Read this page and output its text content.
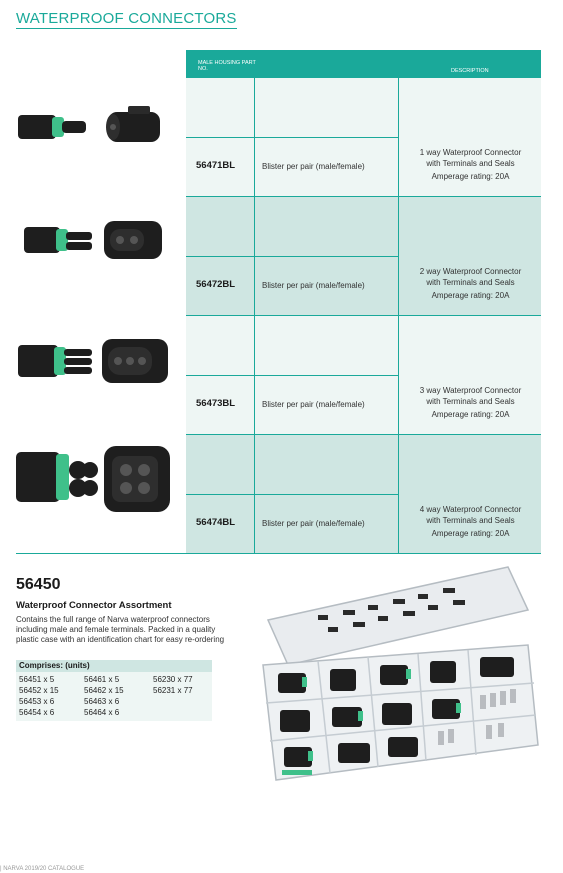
WATERPROOF CONNECTORS
MALE HOUSING PART NO.	DESCRIPTION
56471BL	Blister per pair (male/female)
1 way Waterproof Connector
with Terminals and Seals
Amperage rating: 20A
56472BL	Blister per pair (male/female)
2 way Waterproof Connector
with Terminals and Seals
Amperage rating: 20A
56473BL	Blister per pair (male/female)
3 way Waterproof Connector
with Terminals and Seals
Amperage rating: 20A
56474BL	Blister per pair (male/female)
4 way Waterproof Connector
with Terminals and Seals
Amperage rating: 20A
56450
Waterproof Connector Assortment
Contains the full range of Narva waterproof connectors including male and female terminals. Packed in a quality plastic case with an identification chart for easy re-ordering
Comprises: (units)
56451 x 5	56461 x 5	56230 x 77
56452 x 15	56462 x 15	56231 x 77
56453 x 6	56463 x 6
56454 x 6	56464 x 6
| NARVA 2019/20 CATALOGUE
